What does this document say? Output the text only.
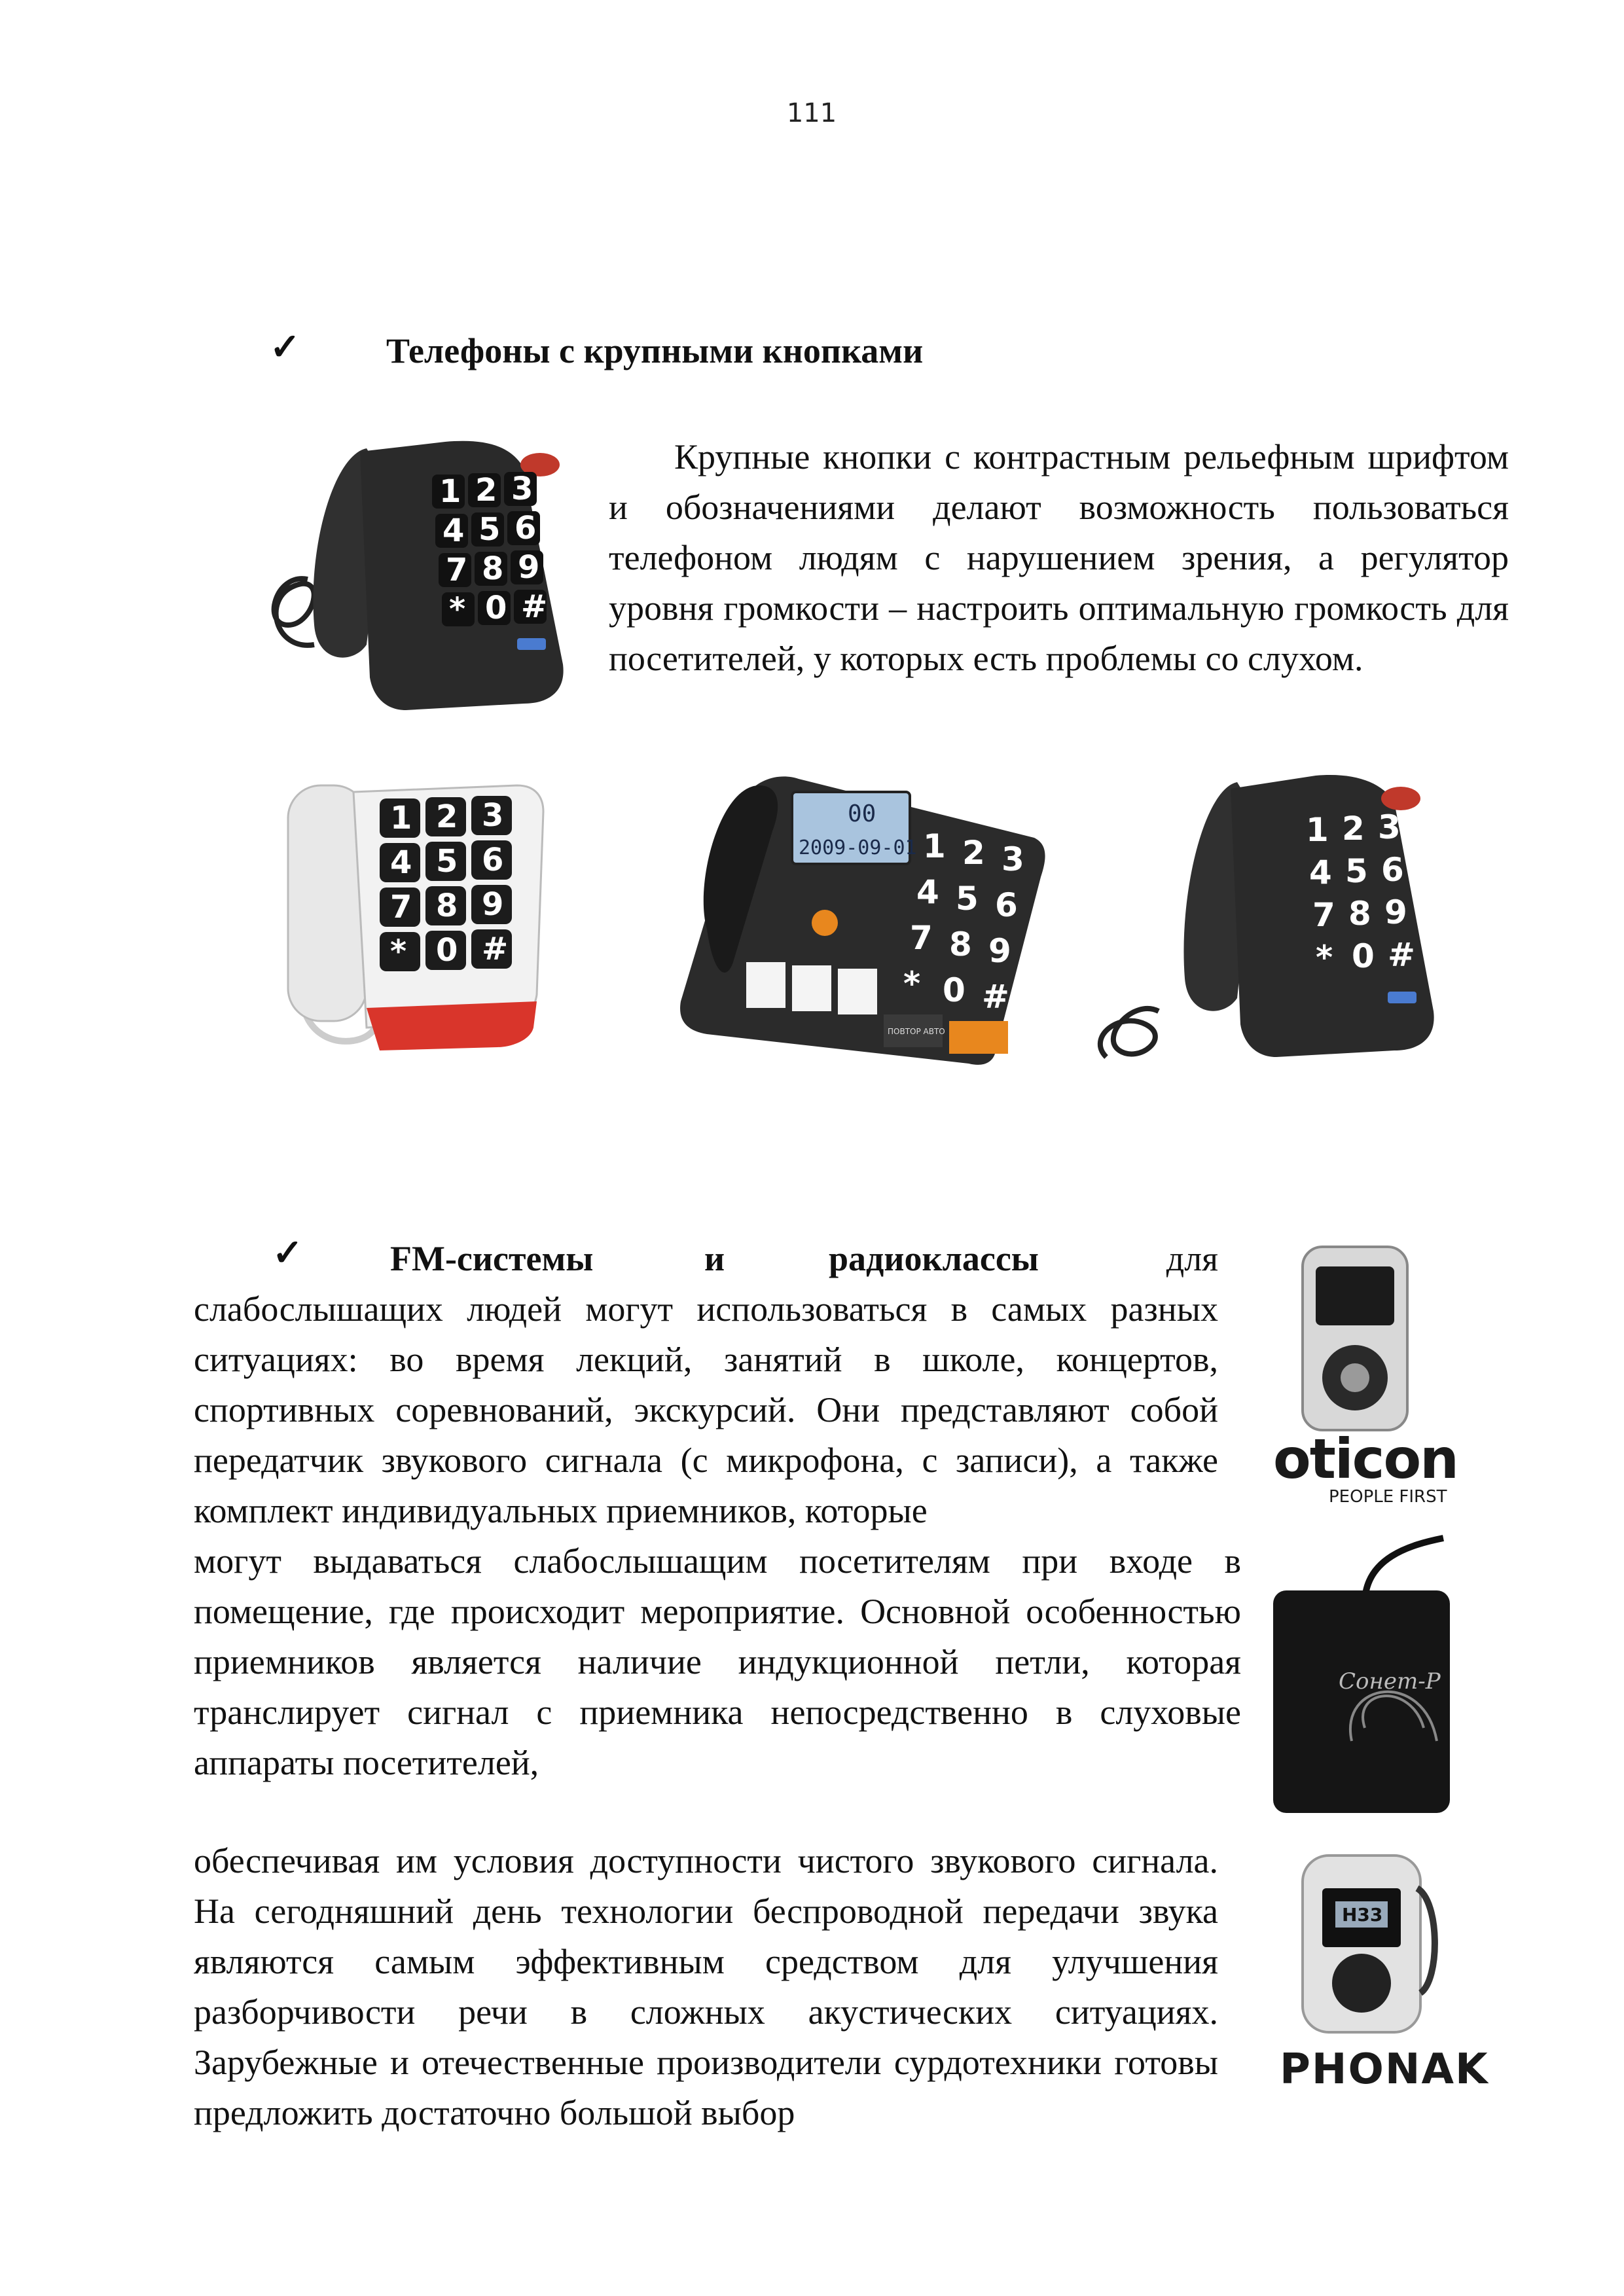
111
✓ Телефоны с крупными кнопками
1 2 3
4 5 6
7 8 9
* 0 #
Крупные кнопки с контрастным рельефным шрифтом и обозначениями делают возможность пользоваться телефоном людям с нарушением зрения, а регулятор уровня громкости – настроить оптимальную громкость для посетителей, у которых есть проблемы со слухом.
1 2 3
4 5 6
7 8 9
* 0 #
00
2009-09-01 1 2 3
4 5 6
7 8 9
* 0 #
ПОВТОР АВТО
1 2 3
4 5 6
7 8 9
* 0 #
✓ FM-системы	и	радиоклассы	для
слабослышащих людей могут использоваться в самых разных ситуациях: во время лекций, занятий в школе, концертов, спортивных соревнований, экскурсий. Они представляют собой передатчик звукового сигнала (с микрофона, с записи), а также комплект индивидуальных приемников, которые
могут выдаваться слабослышащим посетителям при входе в помещение, где происходит мероприятие. Основной особенностью приемников является наличие индукционной петли, которая транслирует сигнал с приемника непосредственно в слуховые аппараты посетителей,
обеспечивая им условия доступности чистого звукового сигнала. На сегодняшний день технологии беспроводной передачи звука являются самым эффективным средством для улучшения разборчивости речи в сложных акустических ситуациях. Зарубежные и отечественные производители сурдотехники готовы предложить достаточно большой выбор
oticon
PEOPLE FIRST
Сонет-Р
H33
PHONAK
